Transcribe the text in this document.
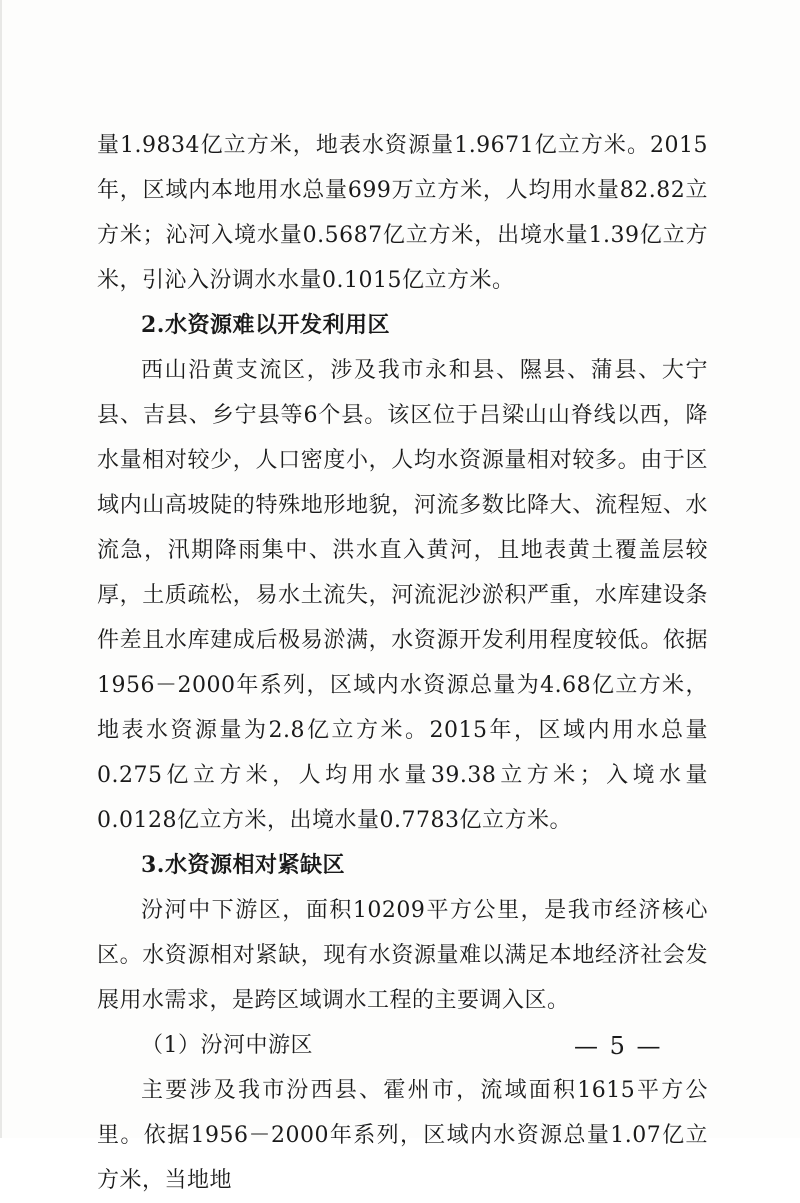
量1.9834亿立方米，地表水资源量1.9671亿立方米。2015年，区域内本地用水总量699万立方米，人均用水量82.82立方米；沁河入境水量0.5687亿立方米，出境水量1.39亿立方米，引沁入汾调水水量0.1015亿立方米。

2.水资源难以开发利用区

西山沿黄支流区，涉及我市永和县、隰县、蒲县、大宁县、吉县、乡宁县等6个县。该区位于吕梁山山脊线以西，降水量相对较少，人口密度小，人均水资源量相对较多。由于区域内山高坡陡的特殊地形地貌，河流多数比降大、流程短、水流急，汛期降雨集中、洪水直入黄河，且地表黄土覆盖层较厚，土质疏松，易水土流失，河流泥沙淤积严重，水库建设条件差且水库建成后极易淤满，水资源开发利用程度较低。依据1956－2000年系列，区域内水资源总量为4.68亿立方米，地表水资源量为2.8亿立方米。2015年，区域内用水总量0.275亿立方米，人均用水量39.38立方米；入境水量0.0128亿立方米，出境水量0.7783亿立方米。

3.水资源相对紧缺区

汾河中下游区，面积10209平方公里，是我市经济核心区。水资源相对紧缺，现有水资源量难以满足本地经济社会发展用水需求，是跨区域调水工程的主要调入区。

（1）汾河中游区

主要涉及我市汾西县、霍州市，流域面积1615平方公里。依据1956－2000年系列，区域内水资源总量1.07亿立方米，当地地

— 5 —
